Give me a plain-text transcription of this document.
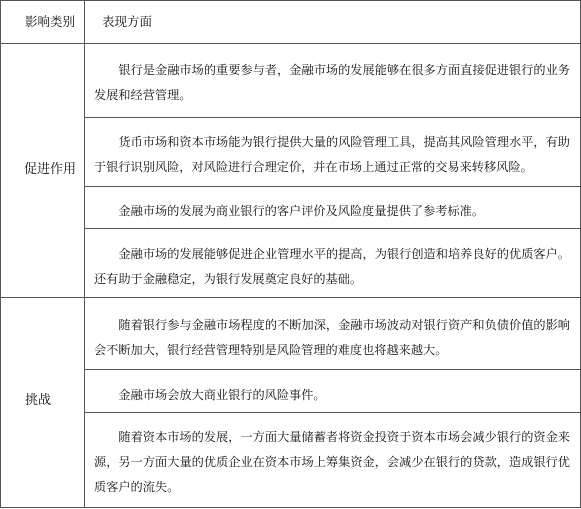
影响类别	表现方面
促进作用
挑战
银行是金融市场的重要参与者，金融市场的发展能够在很多方面直接促进银行的业务发展和经营管理。
货币市场和资本市场能为银行提供大量的风险管理工具，提高其风险管理水平，有助于银行识别风险，对风险进行合理定价，并在市场上通过正常的交易来转移风险。
金融市场的发展为商业银行的客户评价及风险度量提供了参考标准。
金融市场的发展能够促进企业管理水平的提高，为银行创造和培养良好的优质客户。还有助于金融稳定，为银行发展奠定良好的基础。
随着银行参与金融市场程度的不断加深，金融市场波动对银行资产和负债价值的影响会不断加大，银行经营管理特别是风险管理的难度也将越来越大。
金融市场会放大商业银行的风险事件。
随着资本市场的发展，一方面大量储蓄者将资金投资于资本市场会减少银行的资金来源，另一方面大量的优质企业在资本市场上筹集资金，会减少在银行的贷款，造成银行优质客户的流失。
